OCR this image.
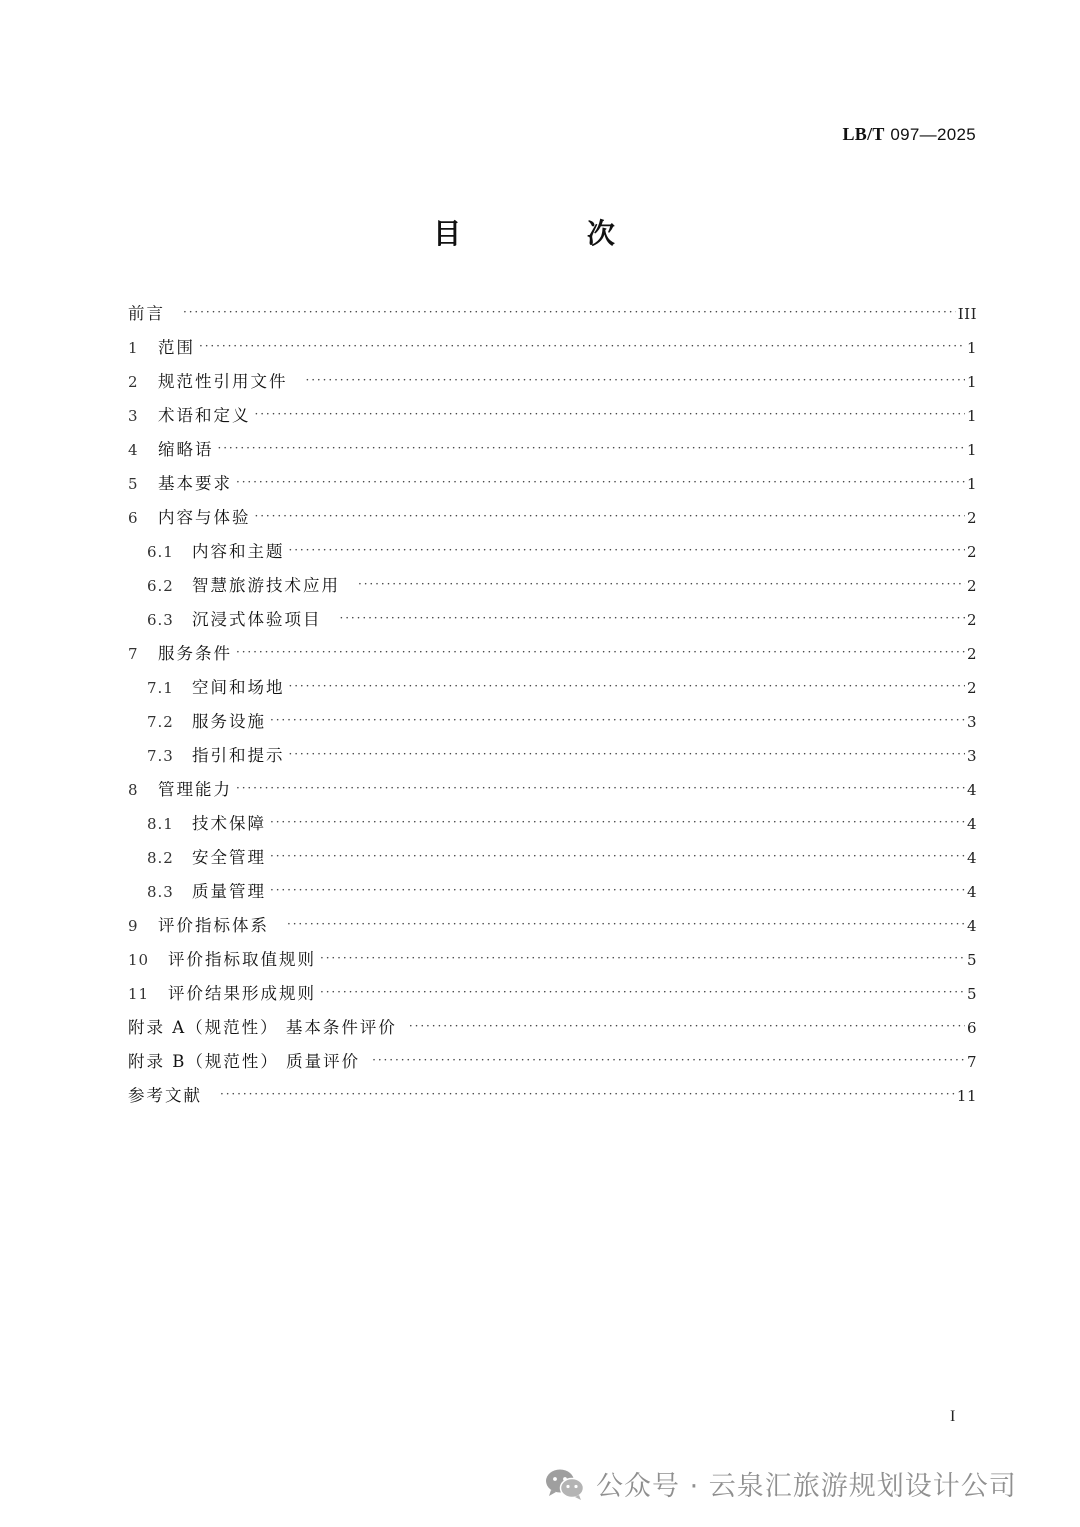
LB/T 097—2025
目 次
前言 ·····	III
1	范围 ·····	1
2	规范性引用文件 ·····	1
3	术语和定义 ·····	1
4	缩略语 ·····	1
5	基本要求 ·····	1
6	内容与体验 ·····	2
6.1	内容和主题 ·····	2
6.2	智慧旅游技术应用 ·····	2
6.3	沉浸式体验项目 ·····	2
7	服务条件 ·····	2
7.1	空间和场地 ·····	2
7.2	服务设施 ·····	3
7.3	指引和提示 ·····	3
8	管理能力 ·····	4
8.1	技术保障 ·····	4
8.2	安全管理 ·····	4
8.3	质量管理 ·····	4
9	评价指标体系 ·····	4
10	评价指标取值规则 ·····	5
11	评价结果形成规则 ·····	5
附录 A（规范性） 基本条件评价 ·····	6
附录 B（规范性） 质量评价 ·····	7
参考文献 ·····	11
I
公众号 · 云泉汇旅游规划设计公司
